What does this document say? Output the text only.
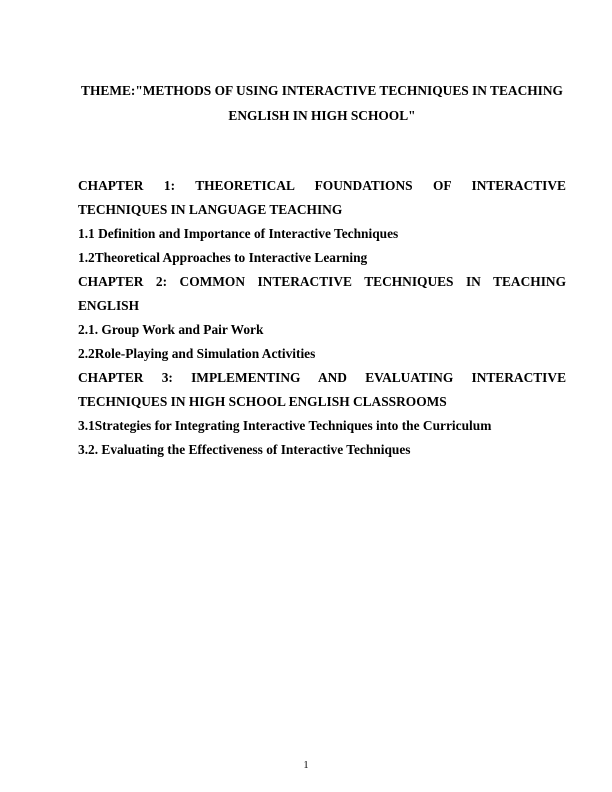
THEME:"METHODS OF USING INTERACTIVE TECHNIQUES IN TEACHING ENGLISH IN HIGH SCHOOL"

CHAPTER 1: THEORETICAL FOUNDATIONS OF INTERACTIVE TECHNIQUES IN LANGUAGE TEACHING

1.1 Definition and Importance of Interactive Techniques

1.2Theoretical Approaches to Interactive Learning

CHAPTER 2: COMMON INTERACTIVE TECHNIQUES IN TEACHING ENGLISH

2.1. Group Work and Pair Work

2.2Role-Playing and Simulation Activities

CHAPTER 3: IMPLEMENTING AND EVALUATING INTERACTIVE TECHNIQUES IN HIGH SCHOOL ENGLISH CLASSROOMS

3.1Strategies for Integrating Interactive Techniques into the Curriculum

3.2. Evaluating the Effectiveness of Interactive Techniques

1
